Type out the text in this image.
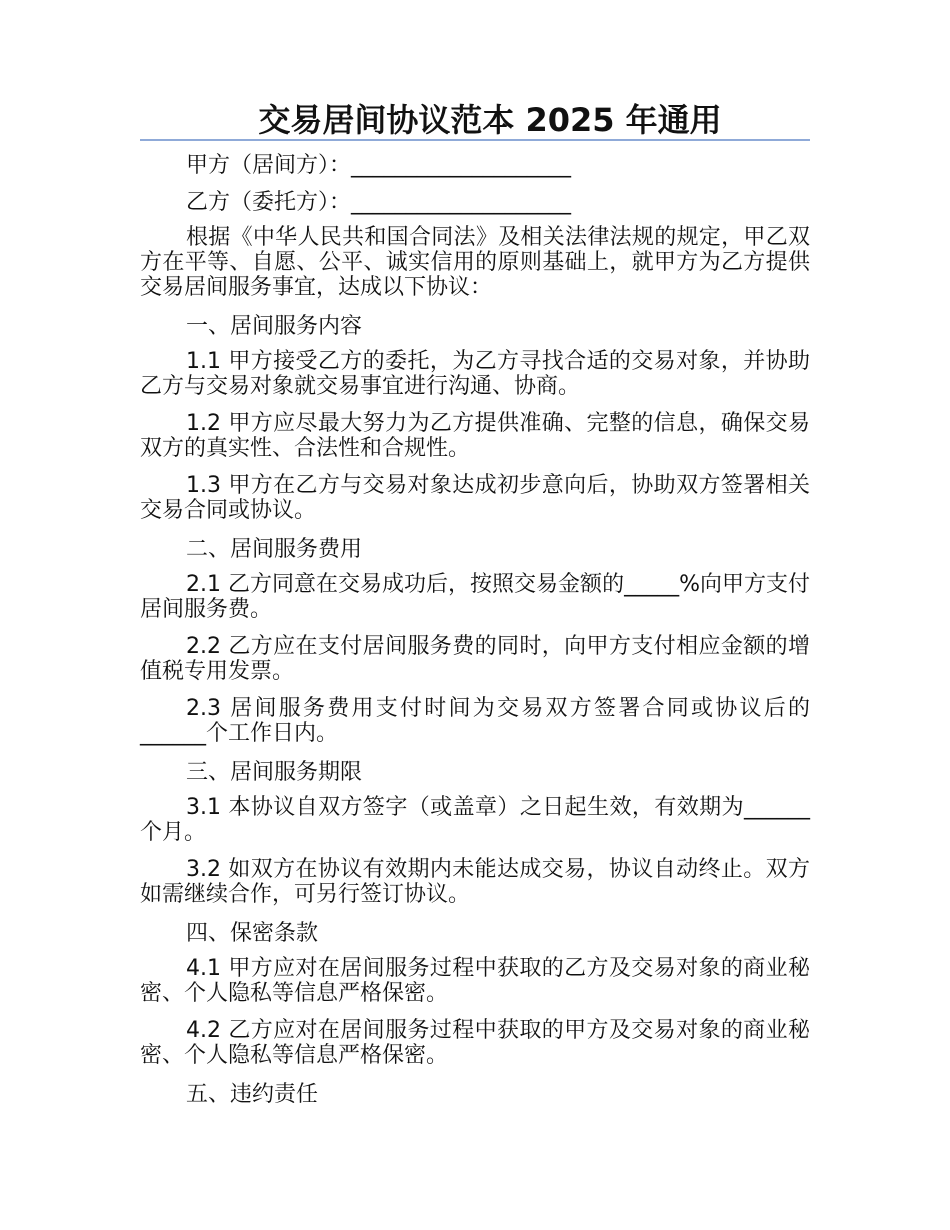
交易居间协议范本 2025 年通用

甲方（居间方）：____________________

乙方（委托方）：____________________

根据《中华人民共和国合同法》及相关法律法规的规定，甲乙双方在平等、自愿、公平、诚实信用的原则基础上，就甲方为乙方提供交易居间服务事宜，达成以下协议：

一、居间服务内容

1.1 甲方接受乙方的委托，为乙方寻找合适的交易对象，并协助乙方与交易对象就交易事宜进行沟通、协商。

1.2 甲方应尽最大努力为乙方提供准确、完整的信息，确保交易双方的真实性、合法性和合规性。

1.3 甲方在乙方与交易对象达成初步意向后，协助双方签署相关交易合同或协议。

二、居间服务费用

2.1 乙方同意在交易成功后，按照交易金额的_____%向甲方支付居间服务费。

2.2 乙方应在支付居间服务费的同时，向甲方支付相应金额的增值税专用发票。

2.3 居间服务费用支付时间为交易双方签署合同或协议后的______个工作日内。

三、居间服务期限

3.1 本协议自双方签字（或盖章）之日起生效，有效期为______个月。

3.2 如双方在协议有效期内未能达成交易，协议自动终止。双方如需继续合作，可另行签订协议。

四、保密条款

4.1 甲方应对在居间服务过程中获取的乙方及交易对象的商业秘密、个人隐私等信息严格保密。

4.2 乙方应对在居间服务过程中获取的甲方及交易对象的商业秘密、个人隐私等信息严格保密。

五、违约责任
